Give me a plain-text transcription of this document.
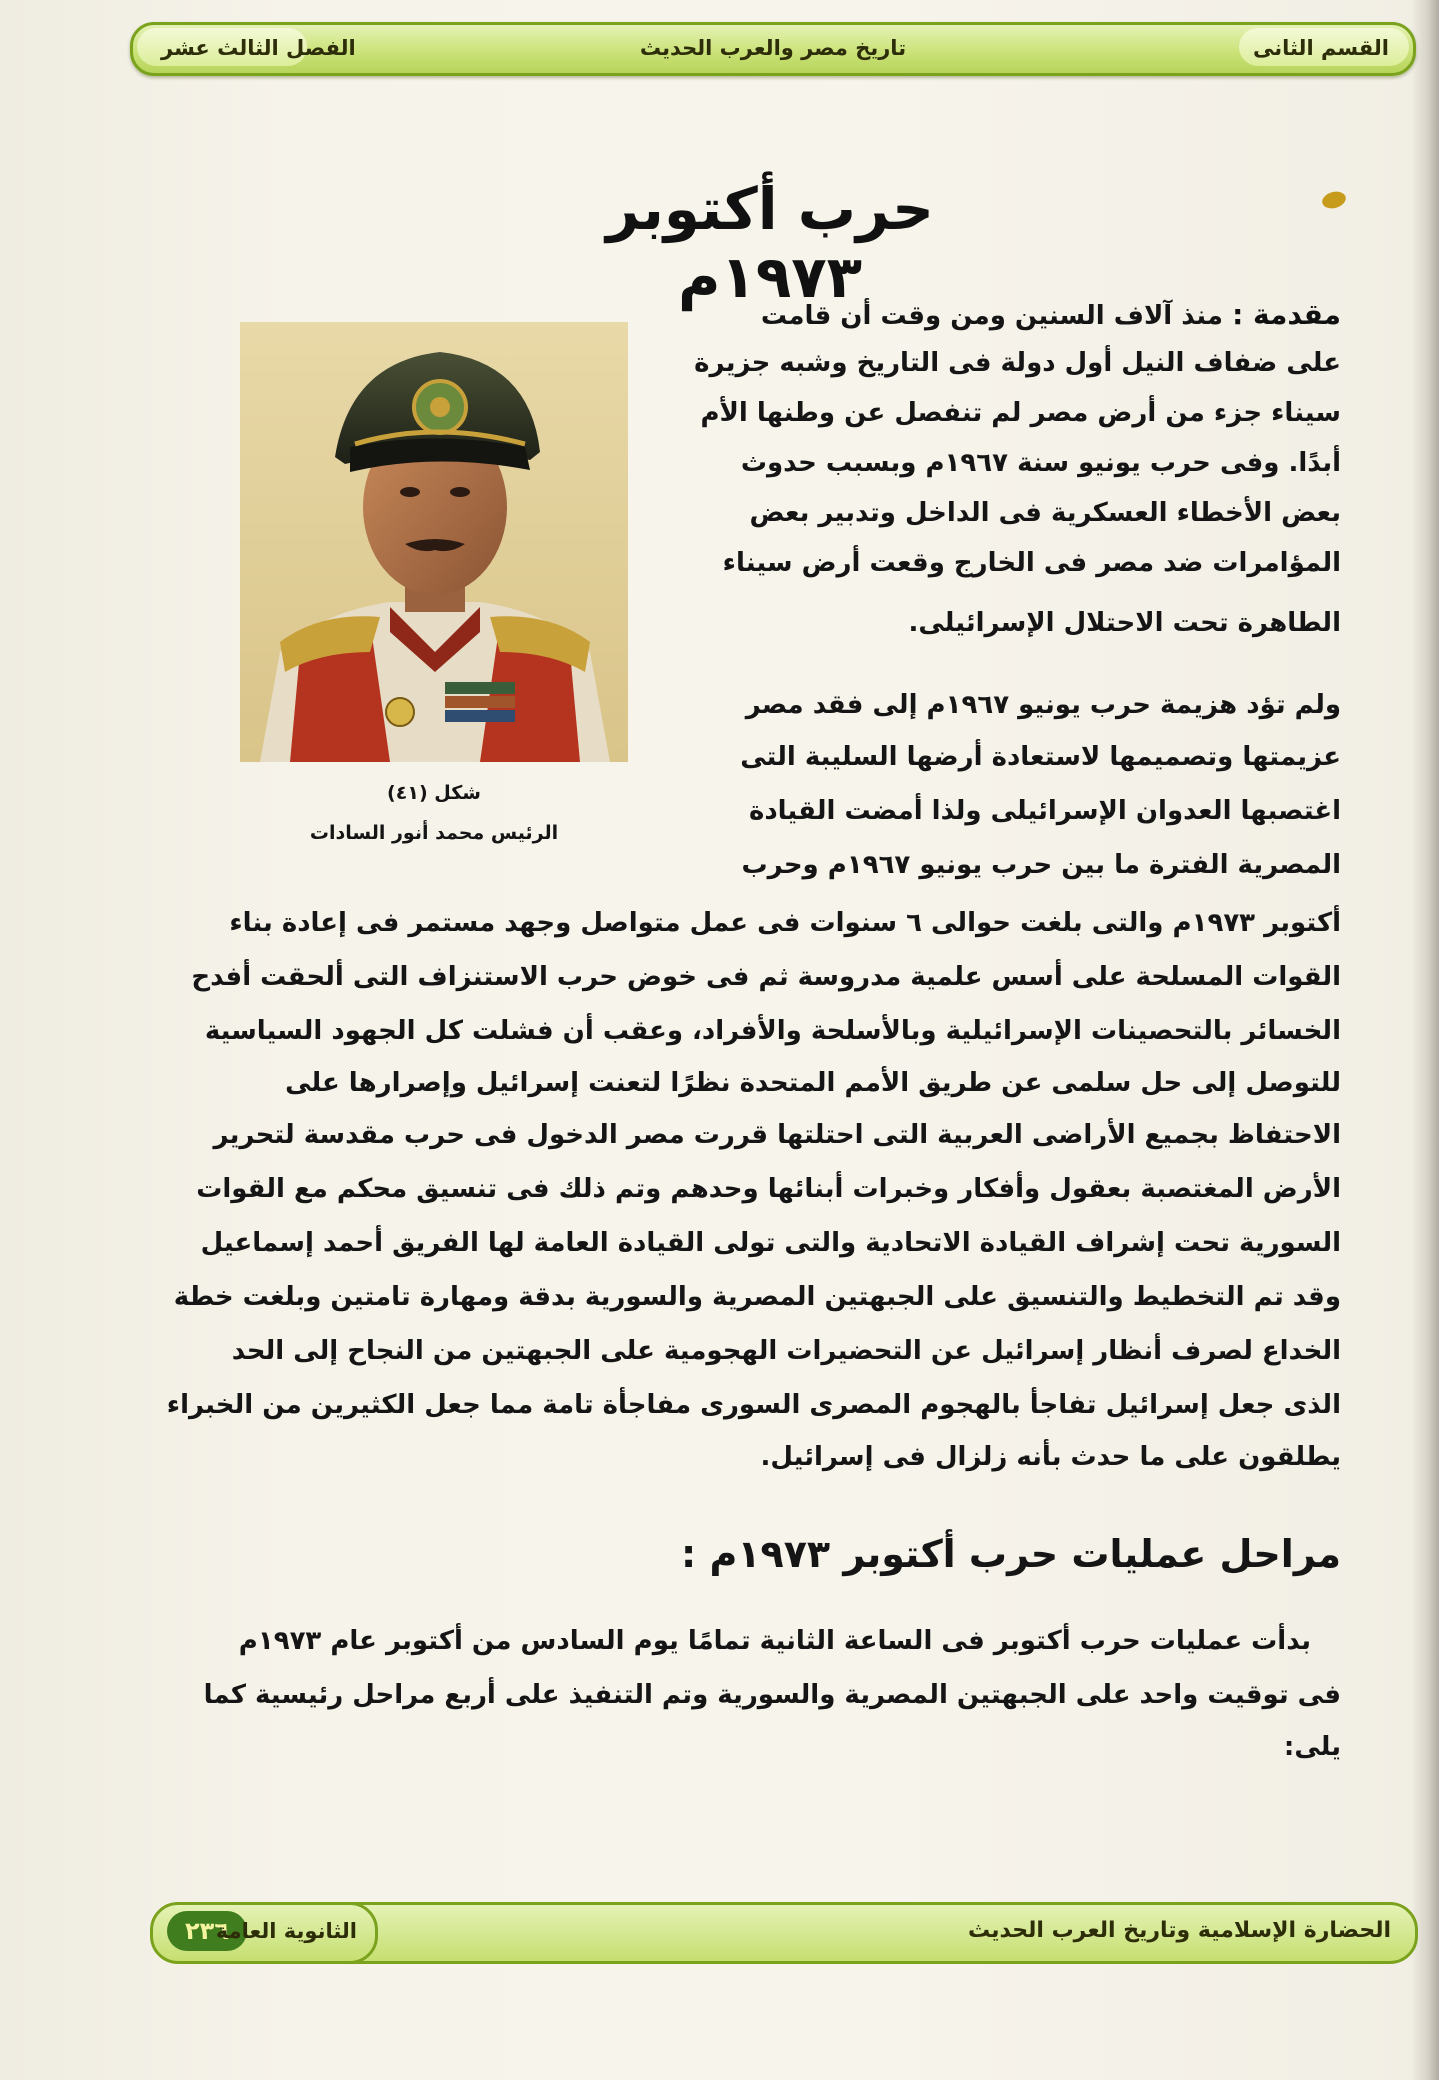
القسم الثانى
تاريخ مصر والعرب الحديث
الفصل الثالث عشر
حرب أكتوبر ١٩٧٣م
شكل (٤١)
الرئيس محمد أنور السادات
مقدمة : منذ آلاف السنين ومن وقت أن قامت
على ضفاف النيل أول دولة فى التاريخ وشبه جزيرة
سيناء جزء من أرض مصر لم تنفصل عن وطنها الأم
أبدًا. وفى حرب يونيو سنة ١٩٦٧م وبسبب حدوث
بعض الأخطاء العسكرية فى الداخل وتدبير بعض
المؤامرات ضد مصر فى الخارج وقعت أرض سيناء
الطاهرة تحت الاحتلال الإسرائيلى.
ولم تؤد هزيمة حرب يونيو ١٩٦٧م إلى فقد مصر
عزيمتها وتصميمها لاستعادة أرضها السليبة التى
اغتصبها العدوان الإسرائيلى ولذا أمضت القيادة
المصرية الفترة ما بين حرب يونيو ١٩٦٧م وحرب
أكتوبر ١٩٧٣م والتى بلغت حوالى ٦ سنوات فى عمل متواصل وجهد مستمر فى إعادة بناء
القوات المسلحة على أسس علمية مدروسة ثم فى خوض حرب الاستنزاف التى ألحقت أفدح
الخسائر بالتحصينات الإسرائيلية وبالأسلحة والأفراد، وعقب أن فشلت كل الجهود السياسية
للتوصل إلى حل سلمى عن طريق الأمم المتحدة نظرًا لتعنت إسرائيل وإصرارها على
الاحتفاظ بجميع الأراضى العربية التى احتلتها قررت مصر الدخول فى حرب مقدسة لتحرير
الأرض المغتصبة بعقول وأفكار وخبرات أبنائها وحدهم وتم ذلك فى تنسيق محكم مع القوات
السورية تحت إشراف القيادة الاتحادية والتى تولى القيادة العامة لها الفريق أحمد إسماعيل
وقد تم التخطيط والتنسيق على الجبهتين المصرية والسورية بدقة ومهارة تامتين وبلغت خطة
الخداع لصرف أنظار إسرائيل عن التحضيرات الهجومية على الجبهتين من النجاح إلى الحد
الذى جعل إسرائيل تفاجأ بالهجوم المصرى السورى مفاجأة تامة مما جعل الكثيرين من الخبراء
يطلقون على ما حدث بأنه زلزال فى إسرائيل.
مراحل عمليات حرب أكتوبر ١٩٧٣م :
بدأت عمليات حرب أكتوبر فى الساعة الثانية تمامًا يوم السادس من أكتوبر عام ١٩٧٣م
فى توقيت واحد على الجبهتين المصرية والسورية وتم التنفيذ على أربع مراحل رئيسية كما
يلى:
الحضارة الإسلامية وتاريخ العرب الحديث
٢٣٦
الثانوية العامة
